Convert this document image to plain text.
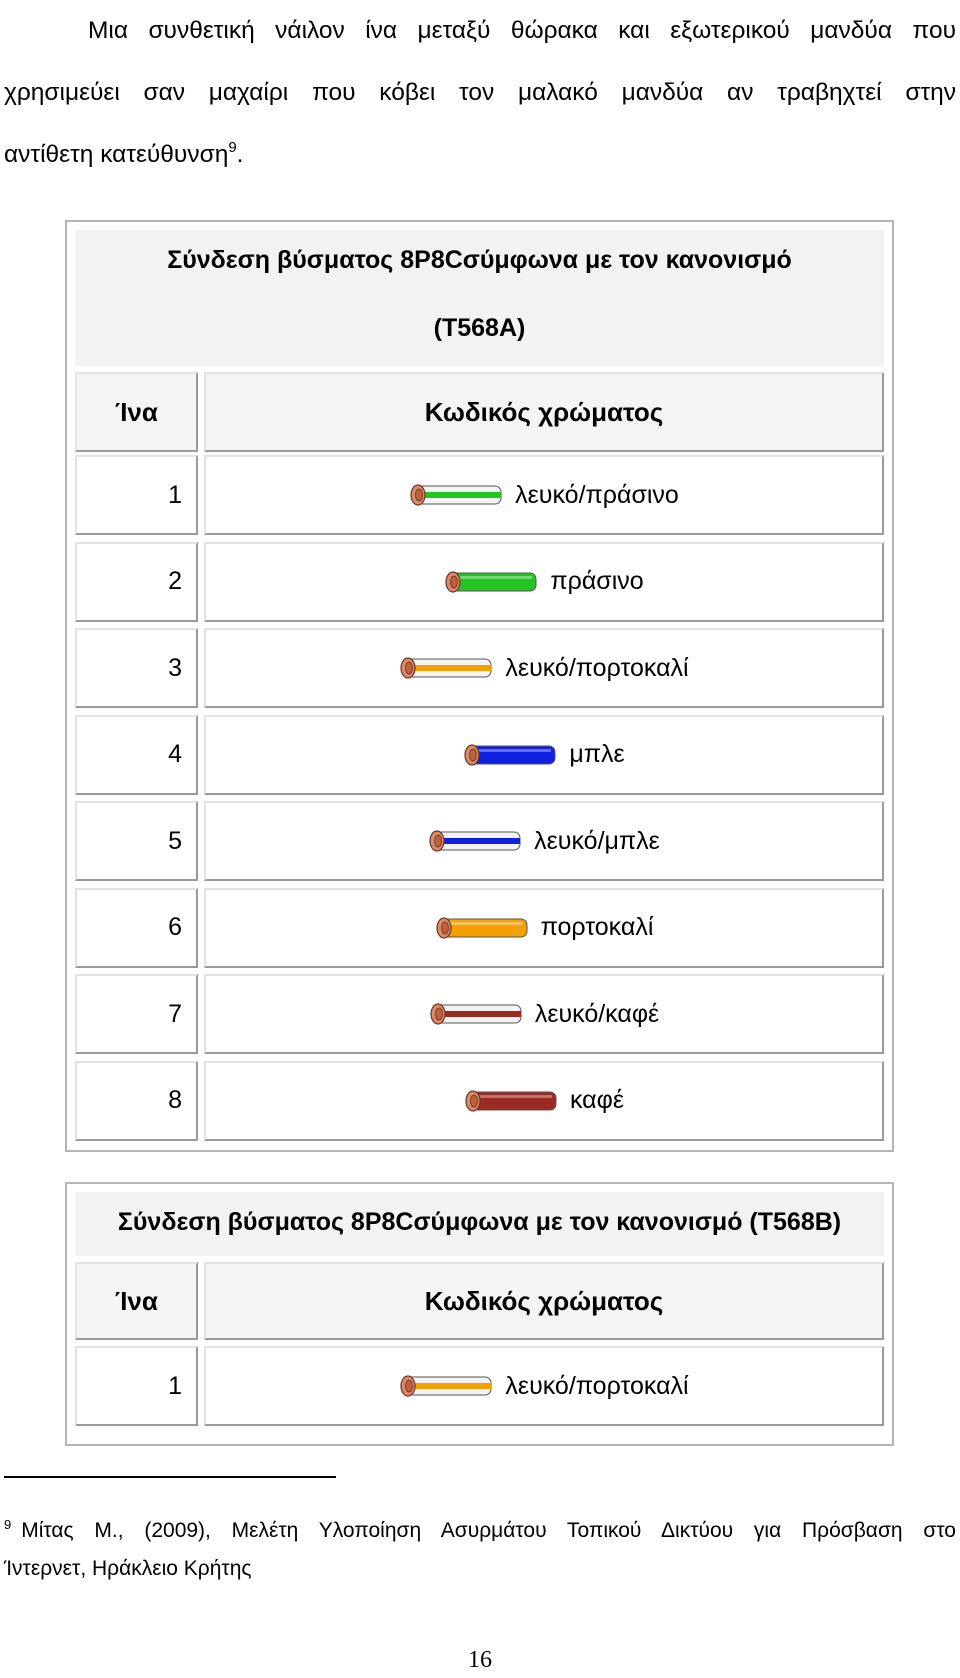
Μια συνθετική νάιλον ίνα μεταξύ θώρακα και εξωτερικού μανδύα που
χρησιμεύει σαν μαχαίρι που κόβει τον μαλακό μανδύα αν τραβηχτεί στην
αντίθετη κατεύθυνση$^9$.
Σύνδεση βύσματος 8P8Cσύμφωνα με τον κανονισμό
(T568A)
Ίνα	Κωδικός χρώματος
1	λευκό/πράσινο
2	πράσινο
3	λευκό/πορτοκαλί
4	μπλε
5	λευκό/μπλε
6	πορτοκαλί
7	λευκό/καφέ
8	καφέ
Σύνδεση βύσματος 8P8Cσύμφωνα με τον κανονισμό (T568B)
Ίνα	Κωδικός χρώματος
1	λευκό/πορτοκαλί
$^9$ Μίτας Μ., (2009), Μελέτη Υλοποίηση Ασυρμάτου Τοπικού Δικτύου για Πρόσβαση στο
Ίντερνετ, Ηράκλειο Κρήτης
16
